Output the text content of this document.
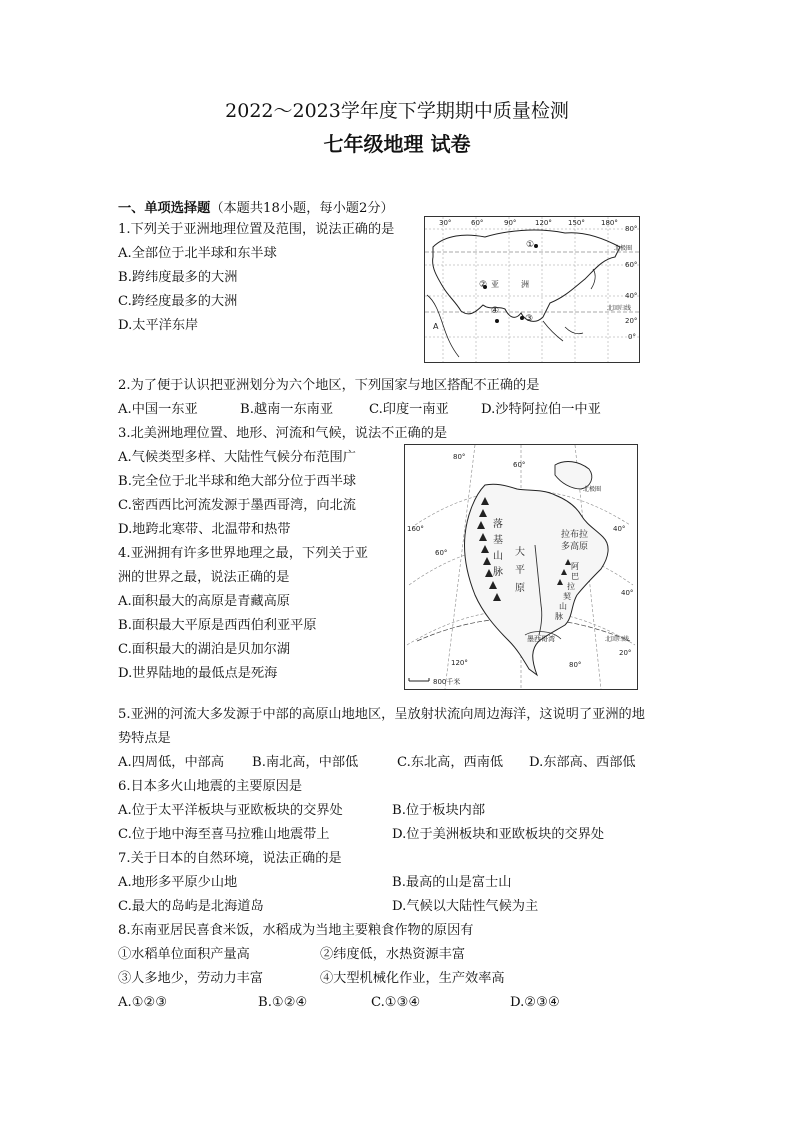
2022～2023学年度下学期期中质量检测
七年级地理 试卷
一、单项选择题（本题共18小题，每小题2分）
1.下列关于亚洲地理位置及范围，说法正确的是
A.全部位于北半球和东半球
B.跨纬度最多的大洲
C.跨经度最多的大洲
D.太平洋东岸
30°	60°	90°	120° 150° 180°
80°
60°
40°
20°
0°
北极圈
北回归线
①
②
③
④
亚	洲
A
2.为了便于认识把亚洲划分为六个地区，下列国家与地区搭配不正确的是
A.中国一东亚	B.越南一东南亚	C.印度一南亚 D.沙特阿拉伯一中亚
3.北美洲地理位置、地形、河流和气候，说法不正确的是
A.气候类型多样、大陆性气候分布范围广
B.完全位于北半球和绝大部分位于西半球
C.密西西比河流发源于墨西哥湾，向北流
D.地跨北寒带、北温带和热带
4.亚洲拥有许多世界地理之最，下列关于亚
洲的世界之最，说法正确的是
A.面积最大的高原是青藏高原
B.面积最大平原是西西伯利亚平原
C.面积最大的湖泊是贝加尔湖
D.世界陆地的最低点是死海
80°
60°
40°
160°
120°	80°
60°
40°
20°
落
基
山
脉
大
平
原
拉布拉
多高原
阿
巴
拉
契
山
脉
墨西哥湾
北极圈
北回归线
800千米
5.亚洲的河流大多发源于中部的高原山地地区，呈放射状流向周边海洋，这说明了亚洲的地
势特点是
A.四周低，中部高 B.南北高，中部低	C.东北高，西南低 D.东部高、西部低
6.日本多火山地震的主要原因是
A.位于太平洋板块与亚欧板块的交界处	B.位于板块内部
C.位于地中海至喜马拉雅山地震带上	D.位于美洲板块和亚欧板块的交界处
7.关于日本的自然环境，说法正确的是
A.地形多平原少山地	B.最高的山是富士山
C.最大的岛屿是北海道岛	D.气候以大陆性气候为主
8.东南亚居民喜食米饭，水稻成为当地主要粮食作物的原因有
①水稻单位面积产量高	②纬度低，水热资源丰富
③人多地少，劳动力丰富	④大型机械化作业，生产效率高
A.①②③	B.①②④	C.①③④	D.②③④
